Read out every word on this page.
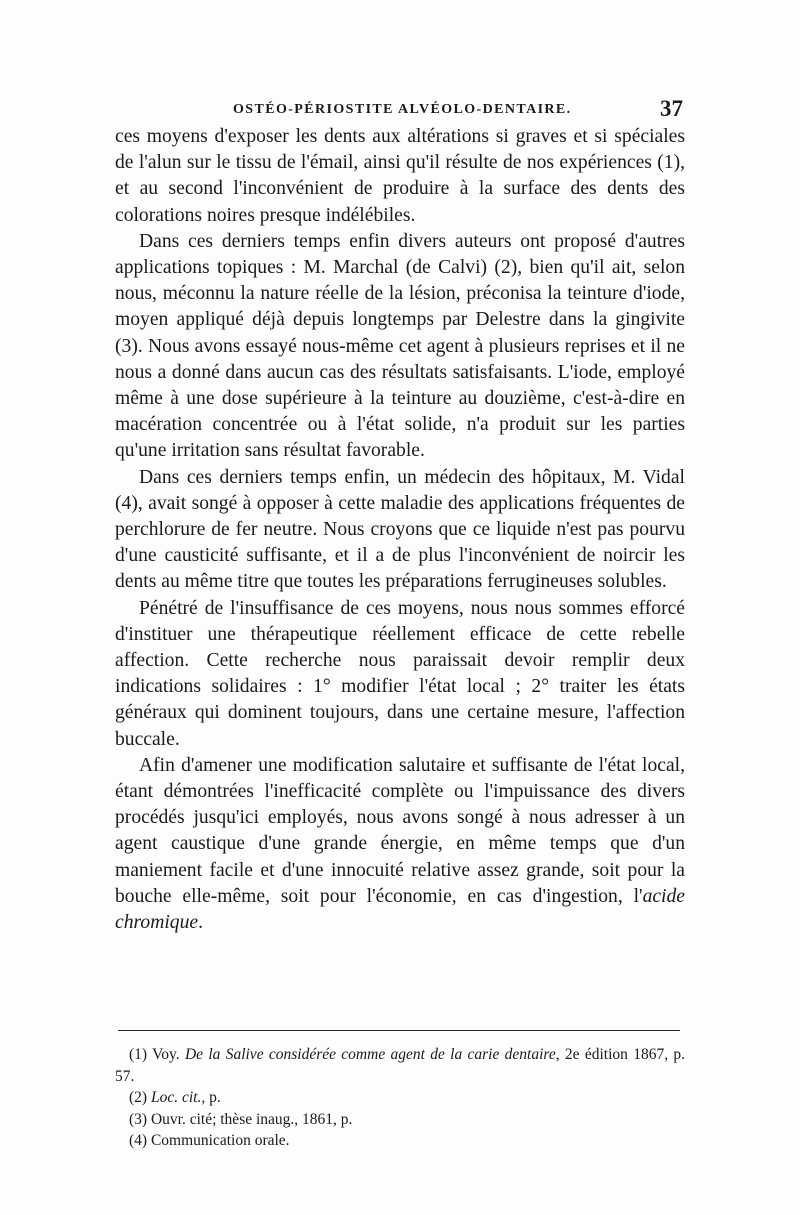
OSTÉO-PÉRIOSTITE ALVÉOLO-DENTAIRE.	37

ces moyens d'exposer les dents aux altérations si graves et si spéciales de l'alun sur le tissu de l'émail, ainsi qu'il résulte de nos expériences (1), et au second l'inconvénient de produire à la surface des dents des colorations noires presque indélébiles.

Dans ces derniers temps enfin divers auteurs ont proposé d'autres applications topiques : M. Marchal (de Calvi) (2), bien qu'il ait, selon nous, méconnu la nature réelle de la lésion, préconisa la teinture d'iode, moyen appliqué déjà depuis longtemps par Delestre dans la gingivite (3). Nous avons essayé nous-même cet agent à plusieurs reprises et il ne nous a donné dans aucun cas des résultats satisfaisants. L'iode, employé même à une dose supérieure à la teinture au douzième, c'est-à-dire en macération concentrée ou à l'état solide, n'a produit sur les parties qu'une irritation sans résultat favorable.

Dans ces derniers temps enfin, un médecin des hôpitaux, M. Vidal (4), avait songé à opposer à cette maladie des applications fréquentes de perchlorure de fer neutre. Nous croyons que ce liquide n'est pas pourvu d'une causticité suffisante, et il a de plus l'inconvénient de noircir les dents au même titre que toutes les préparations ferrugineuses solubles.

Pénétré de l'insuffisance de ces moyens, nous nous sommes efforcé d'instituer une thérapeutique réellement efficace de cette rebelle affection. Cette recherche nous paraissait devoir remplir deux indications solidaires : 1° modifier l'état local ; 2° traiter les états généraux qui dominent toujours, dans une certaine mesure, l'affection buccale.

Afin d'amener une modification salutaire et suffisante de l'état local, étant démontrées l'inefficacité complète ou l'impuissance des divers procédés jusqu'ici employés, nous avons songé à nous adresser à un agent caustique d'une grande énergie, en même temps que d'un maniement facile et d'une innocuité relative assez grande, soit pour la bouche elle-même, soit pour l'économie, en cas d'ingestion, l'acide chromique.

(1) Voy. De la Salive considérée comme agent de la carie dentaire, 2e édition 1867, p. 57.

(2) Loc. cit., p.

(3) Ouvr. cité; thèse inaug., 1861, p.

(4) Communication orale.
